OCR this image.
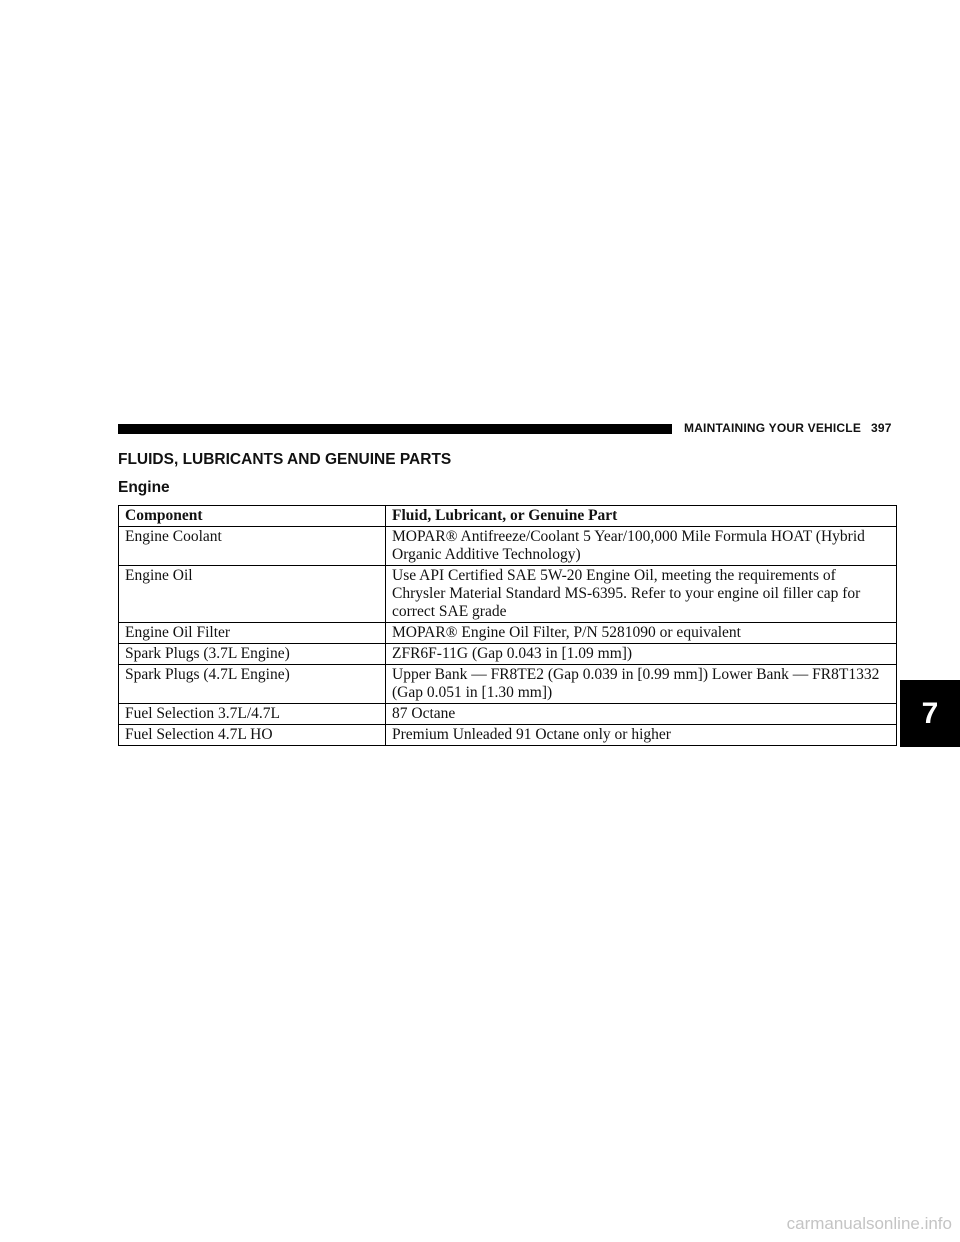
MAINTAINING YOUR VEHICLE 397
FLUIDS, LUBRICANTS AND GENUINE PARTS
Engine
Component	Fluid, Lubricant, or Genuine Part
Engine Coolant	MOPAR® Antifreeze/Coolant 5 Year/100,000 Mile Formula HOAT (Hybrid Organic Additive Technology)
Engine Oil	Use API Certified SAE 5W-20 Engine Oil, meeting the requirements of Chrysler Material Standard MS-6395. Refer to your engine oil filler cap for correct SAE grade
Engine Oil Filter	MOPAR® Engine Oil Filter, P/N 5281090 or equivalent
Spark Plugs (3.7L Engine)	ZFR6F-11G (Gap 0.043 in [1.09 mm])
Spark Plugs (4.7L Engine)	Upper Bank — FR8TE2 (Gap 0.039 in [0.99 mm]) Lower Bank — FR8T1332 (Gap 0.051 in [1.30 mm])
Fuel Selection 3.7L/4.7L	87 Octane
Fuel Selection 4.7L HO	Premium Unleaded 91 Octane only or higher
7
carmanualsonline.info
